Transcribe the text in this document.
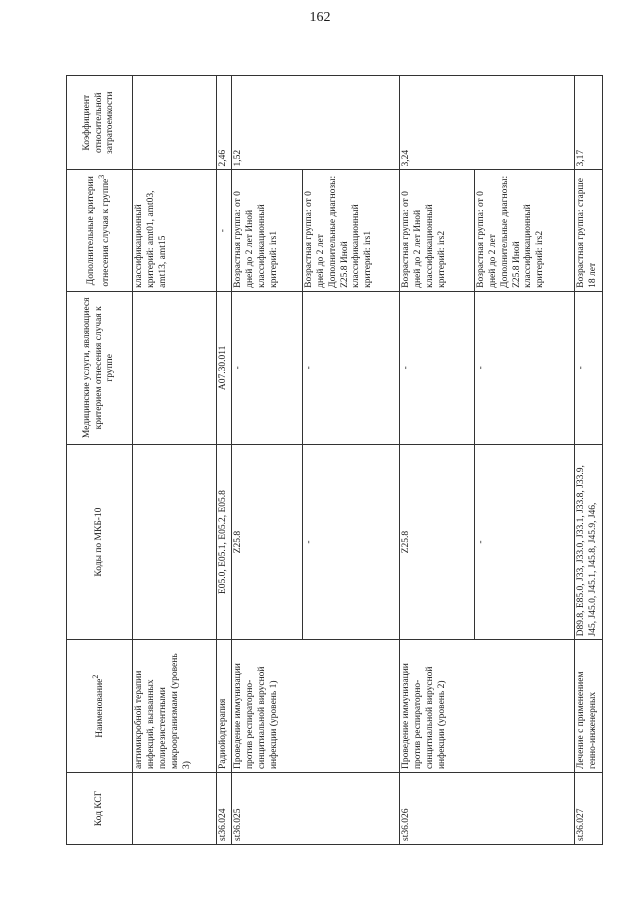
162
Код КСГ	Наименование$^2$	Коды по МКБ-10	Медицинские услуги, являющиеся критерием отнесения случая к группе	Дополнительные критерии отнесения случая к группе$^3$	Коэффициент относительной затратоемкости
	антимикробной терапии инфекций, вызванных полирезистентными микроорганизмами (уровень 3)			классификационный критерий: amt01, amt03, amt13, amt15	
st36.024	Радиойодтерапия	E05.0, E05.1, E05.2, E05.8	A07.30.011	-	2,46
st36.025	Проведение иммунизации против респираторно-синцитиальной вирусной инфекции (уровень 1)	Z25.8	-	Возрастная группа: от 0 дней до 2 лет Иной классификационный критерий: irs1	1,52
		-	-	Возрастная группа: от 0 дней до 2 лет Дополнительные диагнозы: Z25.8 Иной классификационный критерий: irs1	
st36.026	Проведение иммунизации против респираторно-синцитиальной вирусной инфекции (уровень 2)	Z25.8	-	Возрастная группа: от 0 дней до 2 лет Иной классификационный критерий: irs2	3,24
		-	-	Возрастная группа: от 0 дней до 2 лет Дополнительные диагнозы: Z25.8 Иной классификационный критерий: irs2	
st36.027	Лечение с применением генно-инженерных	D89.8, E85.0, J33, J33.0, J33.1, J33.8, J33.9, J45, J45.0, J45.1, J45.8, J45.9, J46,	-	Возрастная группа: старше 18 лет	3,17
